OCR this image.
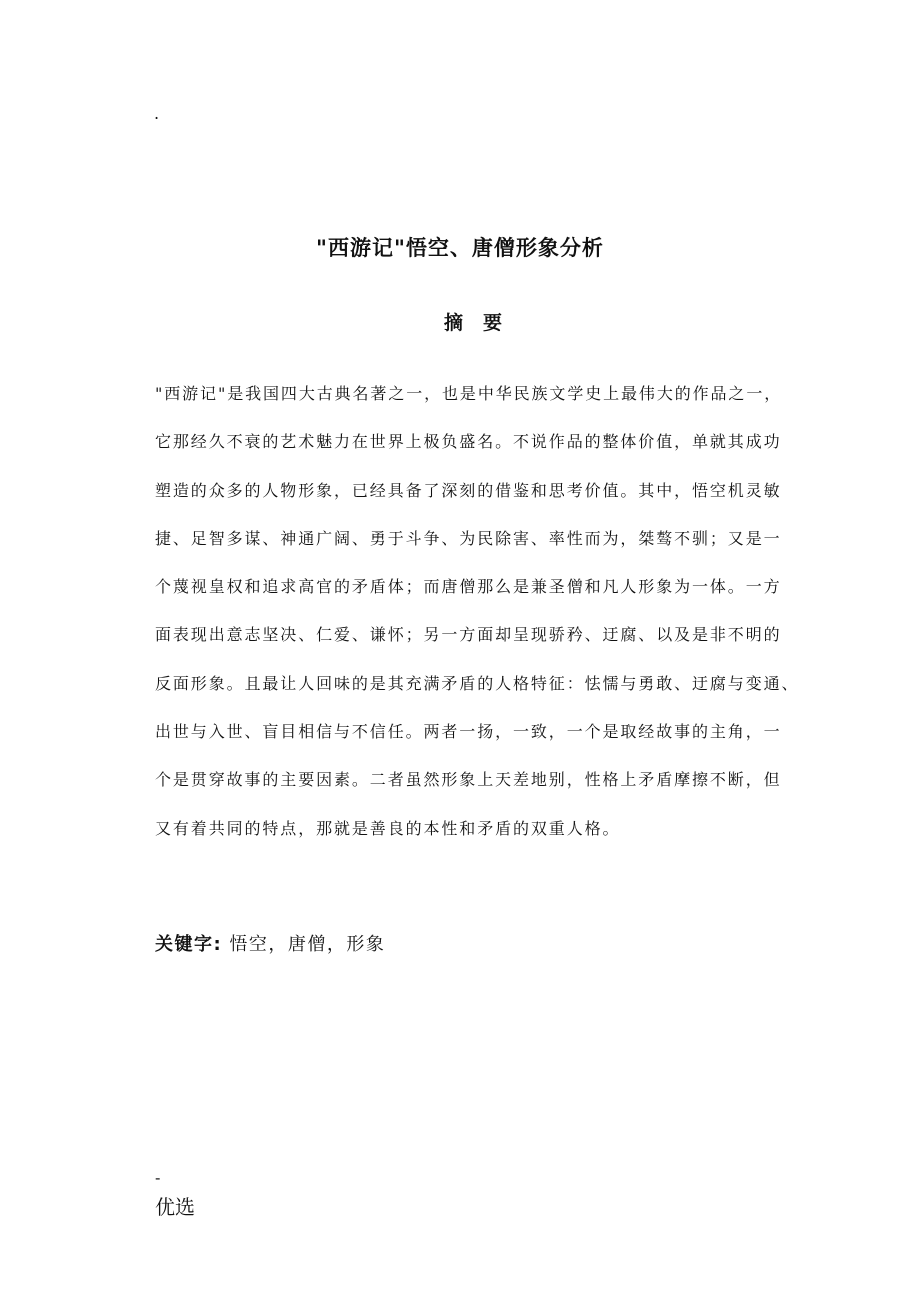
.
"西游记"悟空、唐僧形象分析
摘要
"西游记"是我国四大古典名著之一，也是中华民族文学史上最伟大的作品之一，
它那经久不衰的艺术魅力在世界上极负盛名。不说作品的整体价值，单就其成功
塑造的众多的人物形象，已经具备了深刻的借鉴和思考价值。其中，悟空机灵敏
捷、足智多谋、神通广阔、勇于斗争、为民除害、率性而为，桀骜不驯；又是一
个蔑视皇权和追求高官的矛盾体；而唐僧那么是兼圣僧和凡人形象为一体。一方
面表现出意志坚决、仁爱、谦怀；另一方面却呈现骄矜、迂腐、以及是非不明的
反面形象。且最让人回味的是其充满矛盾的人格特征：怯懦与勇敢、迂腐与变通、
出世与入世、盲目相信与不信任。两者一扬，一致，一个是取经故事的主角，一
个是贯穿故事的主要因素。二者虽然形象上天差地别，性格上矛盾摩擦不断，但
又有着共同的特点，那就是善良的本性和矛盾的双重人格。
关键字: 悟空，唐僧，形象
-
优选
